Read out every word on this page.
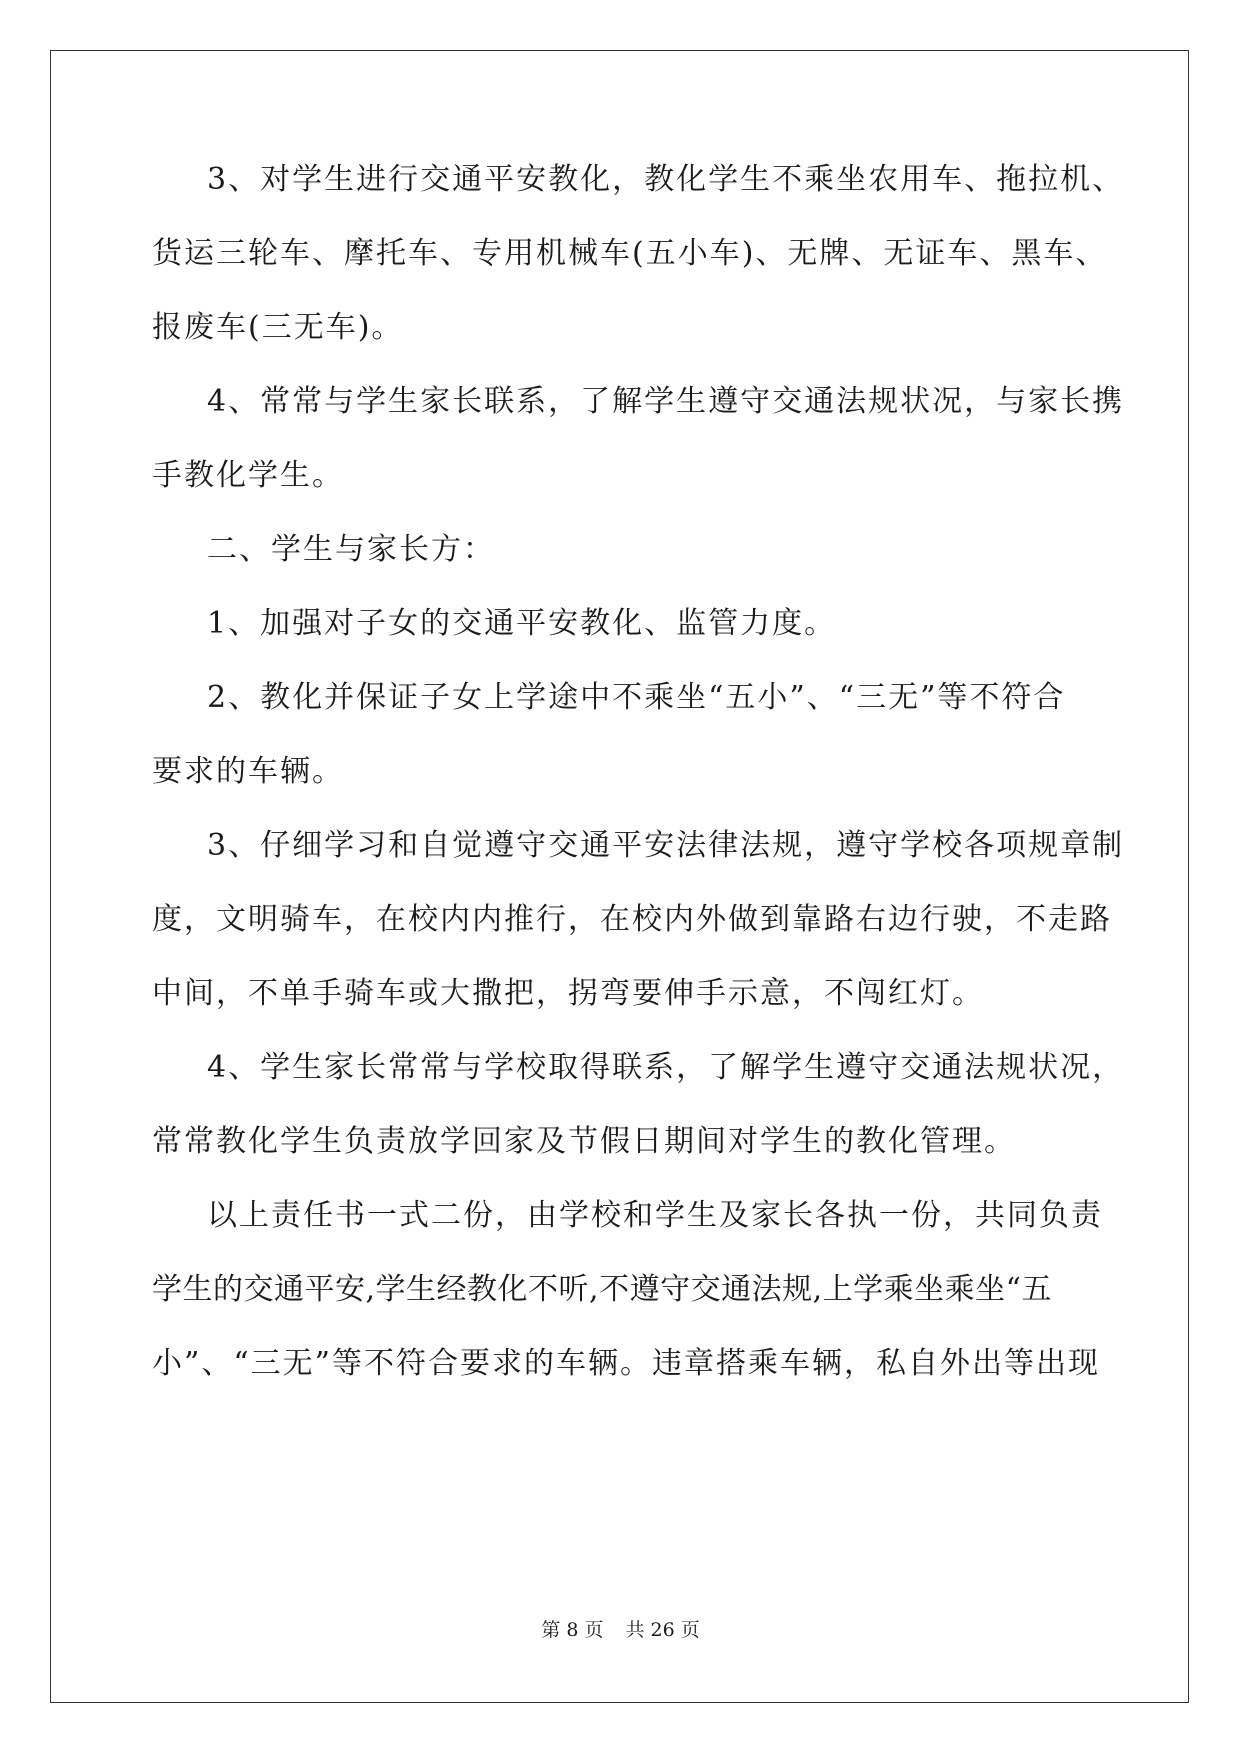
3、对学生进行交通平安教化，教化学生不乘坐农用车、拖拉机、
货运三轮车、摩托车、专用机械车(五小车)、无牌、无证车、黑车、
报废车(三无车)。
4、常常与学生家长联系，了解学生遵守交通法规状况，与家长携
手教化学生。
二、学生与家长方：
1、加强对子女的交通平安教化、监管力度。
2、教化并保证子女上学途中不乘坐“五小”、“三无”等不符合
要求的车辆。
3、仔细学习和自觉遵守交通平安法律法规，遵守学校各项规章制
度，文明骑车，在校内内推行，在校内外做到靠路右边行驶，不走路
中间，不单手骑车或大撒把，拐弯要伸手示意，不闯红灯。
4、学生家长常常与学校取得联系，了解学生遵守交通法规状况，
常常教化学生负责放学回家及节假日期间对学生的教化管理。
以上责任书一式二份，由学校和学生及家长各执一份，共同负责
学生的交通平安,学生经教化不听,不遵守交通法规,上学乘坐乘坐“五
小”、“三无”等不符合要求的车辆。违章搭乘车辆，私自外出等出现
第 8 页 共 26 页
